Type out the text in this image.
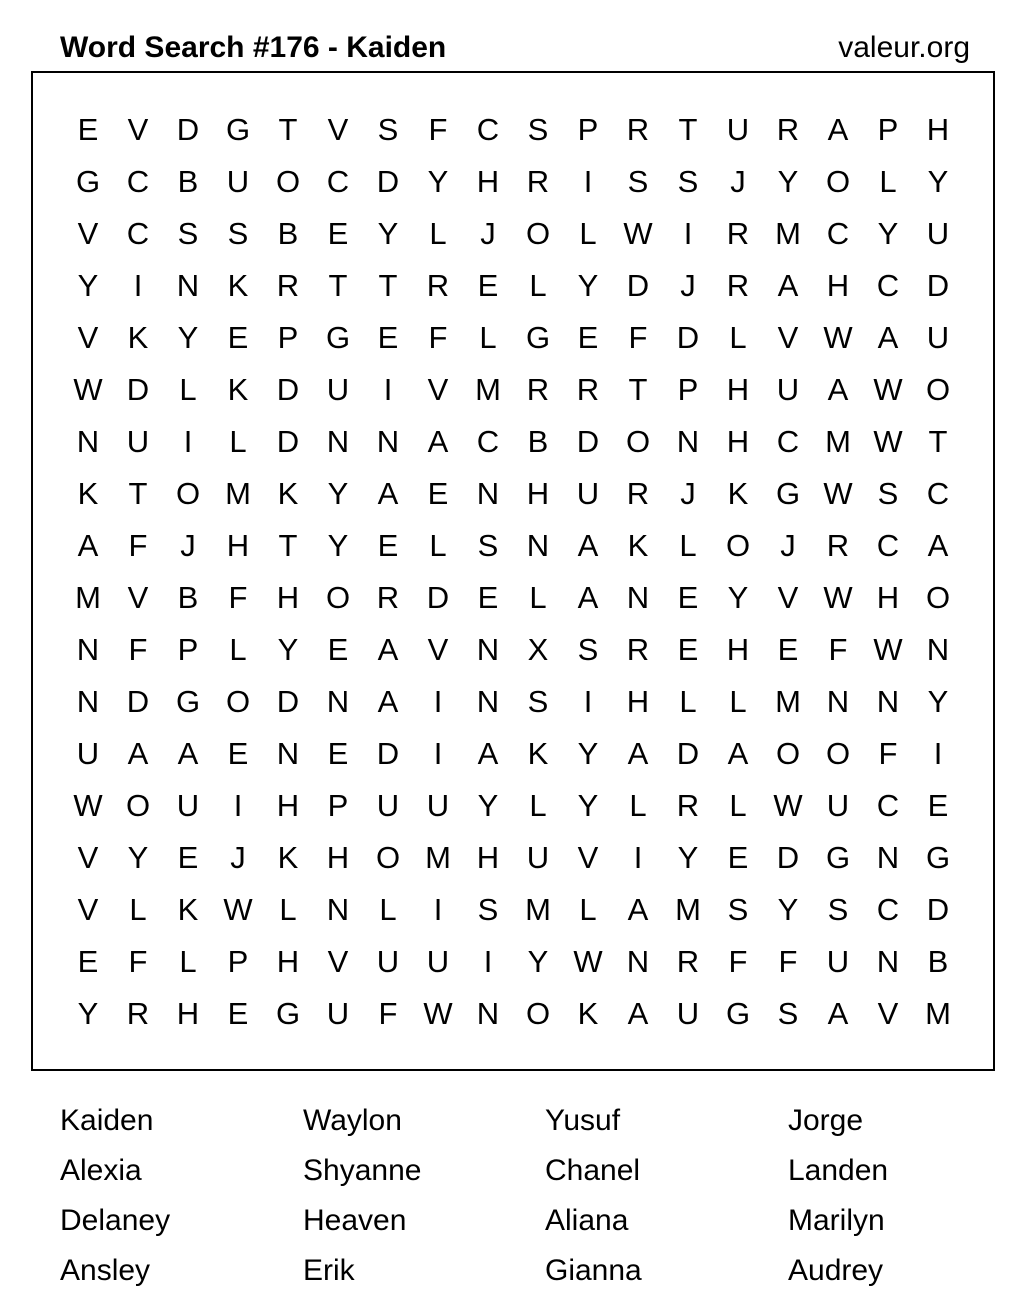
Word Search #176 - Kaiden	valeur.org
E V D G T V S F C S P R T U R A P H
G C B U O C D Y H R	I	S S	J	Y O L	Y
V C S S B E Y	L	J O L W	I	R M C Y U
Y	I	N K R T	T R E	L	Y D	J	R A H C D
V K Y E P G E F	L G E F D L	V W A U
W D L	K D U	I	V M R R T P H U A W O
N U	I	L D N N A C B D O N H C M W T
K T O M K Y A E N H U R	J	K G W S C
A F	J	H T Y E	L	S N A K	L O J	R C A
M V B F H O R D E	L	A N E Y V W H O
N F P	L	Y E A V N X S R E H E F W N
N D G O D N A	I	N S	I	H L	L M N N Y
U A A E N E D	I	A K Y A D A O O F	I
W O U	I	H P U U Y	L	Y	L R L W U C E
V Y E	J	K H O M H U V	I	Y E D G N G
V	L	K W L N L	I	S M L	A M S Y S C D
E F	L	P H V U U	I	Y W N R F	F U N B
Y R H E G U F W N O K A U G S A V M
Kaiden	Waylon	Yusuf	Jorge
Alexia	Shyanne	Chanel	Landen
Delaney	Heaven	Aliana	Marilyn
Ansley	Erik	Gianna	Audrey
